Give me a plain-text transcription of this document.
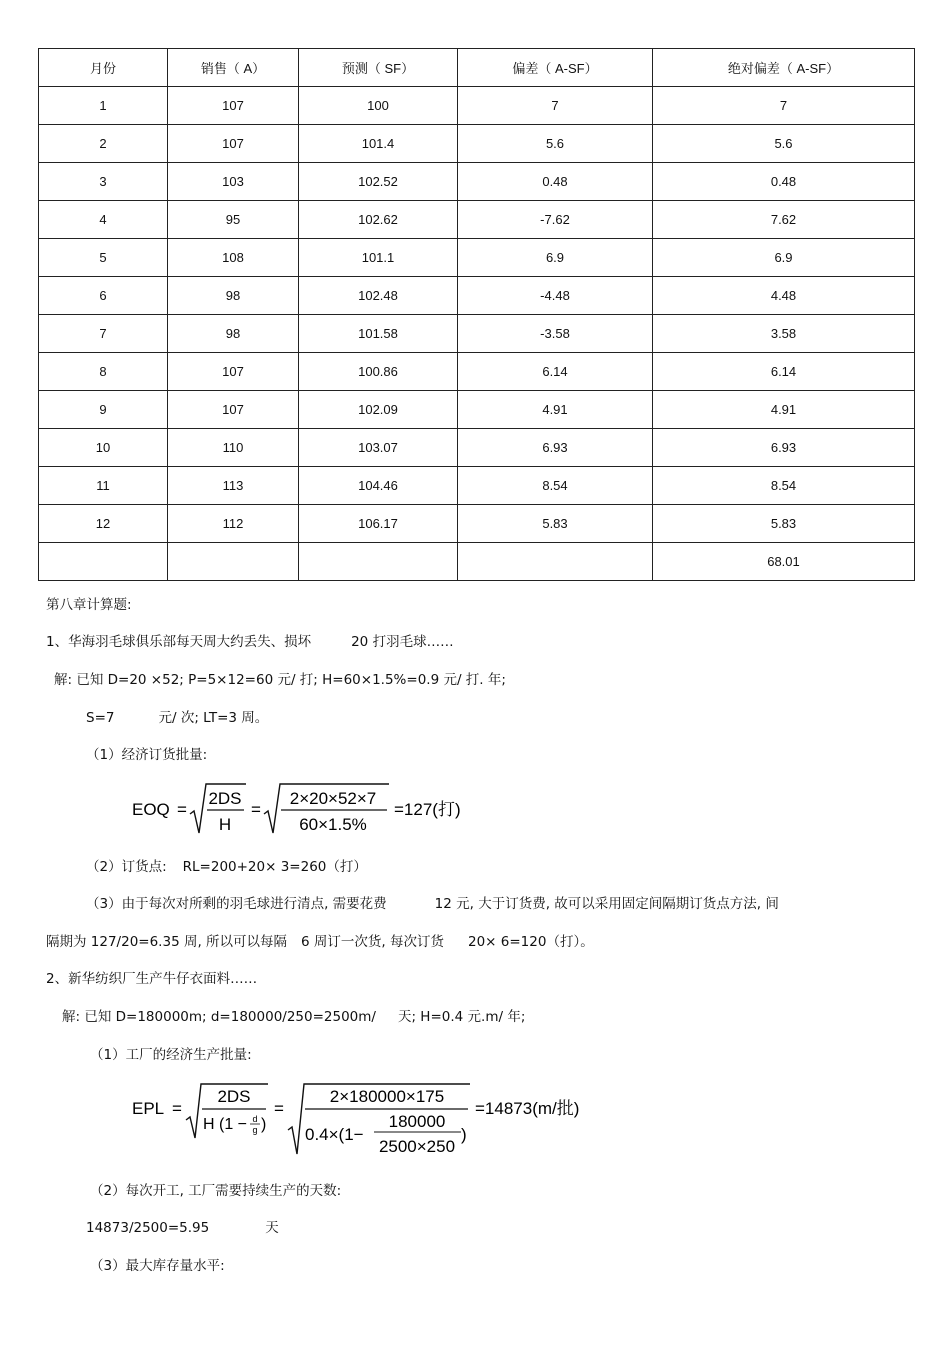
月份	销售（ A）	预测（ SF）	偏差（ A-SF）	绝对偏差（ A-SF）
1	107	100	7	7
2	107	101.4	5.6	5.6
3	103	102.52	0.48	0.48
4	95	102.62	-7.62	7.62
5	108	101.1	6.9	6.9
6	98	102.48	-4.48	4.48
7	98	101.58	-3.58	3.58
8	107	100.86	6.14	6.14
9	107	102.09	4.91	4.91
10	110	103.07	6.93	6.93
11	113	104.46	8.54	8.54
12	112	106.17	5.83	5.83
				68.01
第八章计算题:
1、华海羽毛球俱乐部每天周大约丢失、损坏	20 打羽毛球……
解: 已知 D=20 ×52; P=5×12=60 元/ 打; H=60×1.5%=0.9 元/ 打. 年;
S=7	元/ 次; LT=3 周。
（1）经济订货批量:
EOQ =
2DS
H
=
2×20×52×7
60×1.5%
=127(打)
（2）订货点: RL=200+20× 3=260（打）
（3）由于每次对所剩的羽毛球进行清点, 需要花费	12 元, 大于订货费, 故可以采用固定间隔期订货点方法, 间
隔期为 127/20=6.35 周, 所以可以每隔 6 周订一次货, 每次订货 20× 6=120（打）。
2、新华纺织厂生产牛仔衣面料……
解: 已知 D=180000m; d=180000/250=2500m/ 天; H=0.4 元.m/ 年;
（1）工厂的经济生产批量:
EPL =
2DS
H (1 − d
g )
=
2×180000×175
0.4×(1−
180000
2500×250
)
=14873(m/批)
（2）每次开工, 工厂需要持续生产的天数:
14873/2500=5.95	天
（3）最大库存量水平:
